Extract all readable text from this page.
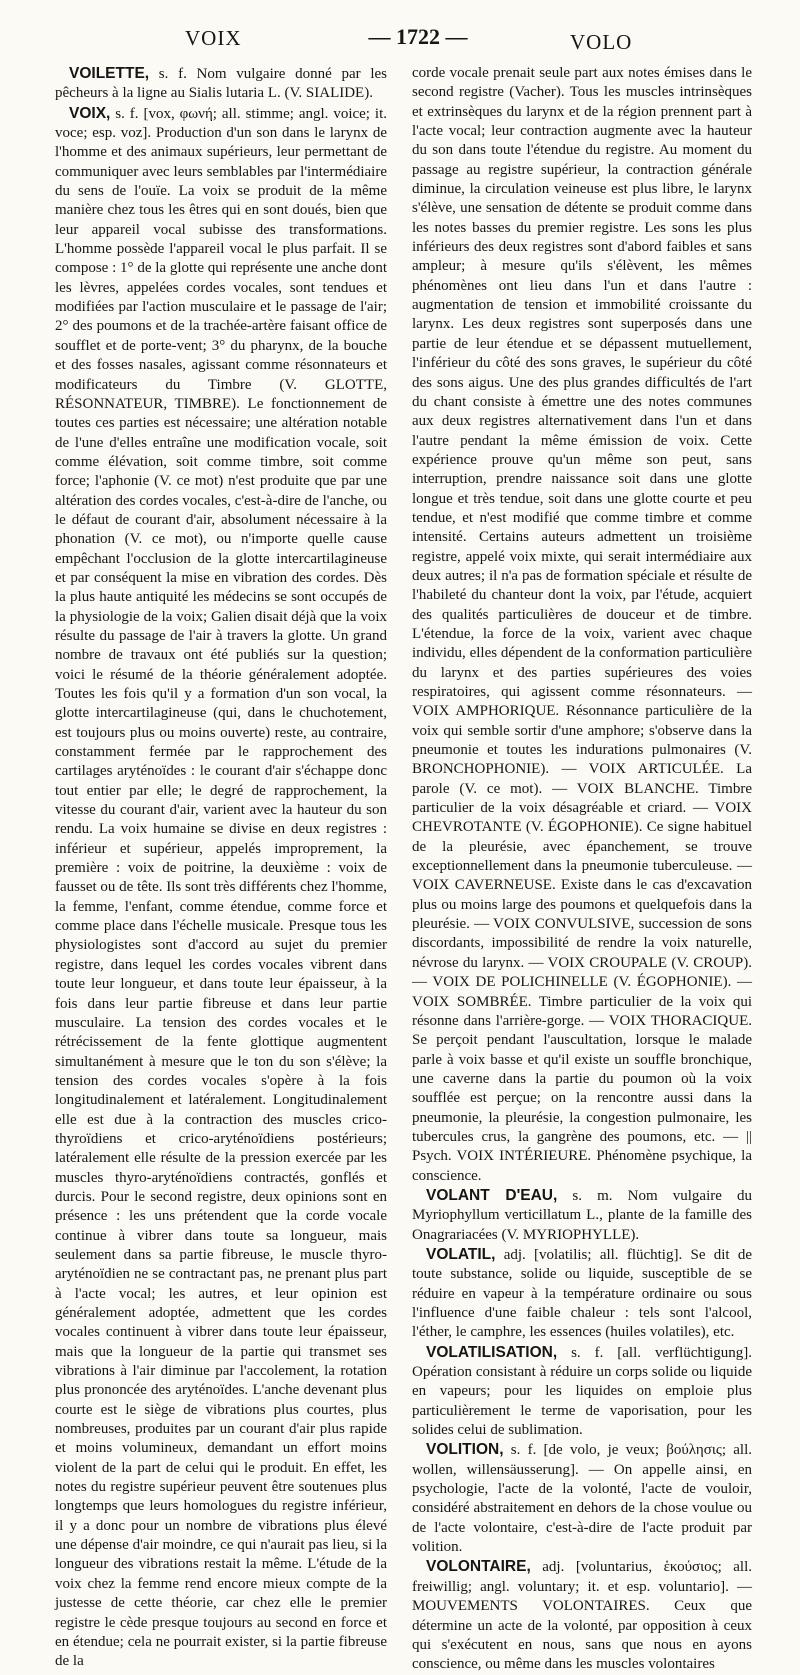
VOIX	— 1722 —	VOLO

VOILETTE, s. f. Nom vulgaire donné par les pêcheurs à la ligne au Sialis lutaria L. (V. SIALIDE).

VOIX, s. f. [vox, φωνή; all. stimme; angl. voice; it. voce; esp. voz]. Production d'un son dans le larynx de l'homme et des animaux supérieurs, leur permettant de communiquer avec leurs semblables par l'intermédiaire du sens de l'ouïe. La voix se produit de la même manière chez tous les êtres qui en sont doués, bien que leur appareil vocal subisse des transformations. L'homme possède l'appareil vocal le plus parfait. Il se compose : 1° de la glotte qui représente une anche dont les lèvres, appelées cordes vocales, sont tendues et modifiées par l'action musculaire et le passage de l'air; 2° des poumons et de la trachée-artère faisant office de soufflet et de porte-vent; 3° du pharynx, de la bouche et des fosses nasales, agissant comme résonnateurs et modificateurs du Timbre (V. GLOTTE, RÉSONNATEUR, TIMBRE). Le fonctionnement de toutes ces parties est nécessaire; une altération notable de l'une d'elles entraîne une modification vocale, soit comme élévation, soit comme timbre, soit comme force; l'aphonie (V. ce mot) n'est produite que par une altération des cordes vocales, c'est-à-dire de l'anche, ou le défaut de courant d'air, absolument nécessaire à la phonation (V. ce mot), ou n'importe quelle cause empêchant l'occlusion de la glotte intercartilagineuse et par conséquent la mise en vibration des cordes. Dès la plus haute antiquité les médecins se sont occupés de la physiologie de la voix; Galien disait déjà que la voix résulte du passage de l'air à travers la glotte. Un grand nombre de travaux ont été publiés sur la question; voici le résumé de la théorie généralement adoptée. Toutes les fois qu'il y a formation d'un son vocal, la glotte intercartilagineuse (qui, dans le chuchotement, est toujours plus ou moins ouverte) reste, au contraire, constamment fermée par le rapprochement des cartilages aryténoïdes : le courant d'air s'échappe donc tout entier par elle; le degré de rapprochement, la vitesse du courant d'air, varient avec la hauteur du son rendu. La voix humaine se divise en deux registres : inférieur et supérieur, appelés improprement, la première : voix de poitrine, la deuxième : voix de fausset ou de tête. Ils sont très différents chez l'homme, la femme, l'enfant, comme étendue, comme force et comme place dans l'échelle musicale. Presque tous les physiologistes sont d'accord au sujet du premier registre, dans lequel les cordes vocales vibrent dans toute leur longueur, et dans toute leur épaisseur, à la fois dans leur partie fibreuse et dans leur partie musculaire. La tension des cordes vocales et le rétrécissement de la fente glottique augmentent simultanément à mesure que le ton du son s'élève; la tension des cordes vocales s'opère à la fois longitudinalement et latéralement. Longitudinalement elle est due à la contraction des muscles crico-thyroïdiens et crico-aryténoïdiens postérieurs; latéralement elle résulte de la pression exercée par les muscles thyro-aryténoïdiens contractés, gonflés et durcis. Pour le second registre, deux opinions sont en présence : les uns prétendent que la corde vocale continue à vibrer dans toute sa longueur, mais seulement dans sa partie fibreuse, le muscle thyro-aryténoïdien ne se contractant pas, ne prenant plus part à l'acte vocal; les autres, et leur opinion est généralement adoptée, admettent que les cordes vocales continuent à vibrer dans toute leur épaisseur, mais que la longueur de la partie qui transmet ses vibrations à l'air diminue par l'accolement, la rotation plus prononcée des aryténoïdes. L'anche devenant plus courte est le siège de vibrations plus courtes, plus nombreuses, produites par un courant d'air plus rapide et moins volumineux, demandant un effort moins violent de la part de celui qui le produit. En effet, les notes du registre supérieur peuvent être soutenues plus longtemps que leurs homologues du registre inférieur, il y a donc pour un nombre de vibrations plus élevé une dépense d'air moindre, ce qui n'aurait pas lieu, si la longueur des vibrations restait la même. L'étude de la voix chez la femme rend encore mieux compte de la justesse de cette théorie, car chez elle le premier registre le cède presque toujours au second en force et en étendue; cela ne pourrait exister, si la partie fibreuse de la

corde vocale prenait seule part aux notes émises dans le second registre (Vacher). Tous les muscles intrinsèques et extrinsèques du larynx et de la région prennent part à l'acte vocal; leur contraction augmente avec la hauteur du son dans toute l'étendue du registre. Au moment du passage au registre supérieur, la contraction générale diminue, la circulation veineuse est plus libre, le larynx s'élève, une sensation de détente se produit comme dans les notes basses du premier registre. Les sons les plus inférieurs des deux registres sont d'abord faibles et sans ampleur; à mesure qu'ils s'élèvent, les mêmes phénomènes ont lieu dans l'un et dans l'autre : augmentation de tension et immobilité croissante du larynx. Les deux registres sont superposés dans une partie de leur étendue et se dépassent mutuellement, l'inférieur du côté des sons graves, le supérieur du côté des sons aigus. Une des plus grandes difficultés de l'art du chant consiste à émettre une des notes communes aux deux registres alternativement dans l'un et dans l'autre pendant la même émission de voix. Cette expérience prouve qu'un même son peut, sans interruption, prendre naissance soit dans une glotte longue et très tendue, soit dans une glotte courte et peu tendue, et n'est modifié que comme timbre et comme intensité. Certains auteurs admettent un troisième registre, appelé voix mixte, qui serait intermédiaire aux deux autres; il n'a pas de formation spéciale et résulte de l'habileté du chanteur dont la voix, par l'étude, acquiert des qualités particulières de douceur et de timbre. L'étendue, la force de la voix, varient avec chaque individu, elles dépendent de la conformation particulière du larynx et des parties supérieures des voies respiratoires, qui agissent comme résonnateurs. — VOIX AMPHORIQUE. Résonnance particulière de la voix qui semble sortir d'une amphore; s'observe dans la pneumonie et toutes les indurations pulmonaires (V. BRONCHOPHONIE). — VOIX ARTICULÉE. La parole (V. ce mot). — VOIX BLANCHE. Timbre particulier de la voix désagréable et criard. — VOIX CHEVROTANTE (V. ÉGOPHONIE). Ce signe habituel de la pleurésie, avec épanchement, se trouve exceptionnellement dans la pneumonie tuberculeuse. — VOIX CAVERNEUSE. Existe dans le cas d'excavation plus ou moins large des poumons et quelquefois dans la pleurésie. — VOIX CONVULSIVE, succession de sons discordants, impossibilité de rendre la voix naturelle, névrose du larynx. — VOIX CROUPALE (V. CROUP). — VOIX DE POLICHINELLE (V. ÉGOPHONIE). — VOIX SOMBRÉE. Timbre particulier de la voix qui résonne dans l'arrière-gorge. — VOIX THORACIQUE. Se perçoit pendant l'auscultation, lorsque le malade parle à voix basse et qu'il existe un souffle bronchique, une caverne dans la partie du poumon où la voix soufflée est perçue; on la rencontre aussi dans la pneumonie, la pleurésie, la congestion pulmonaire, les tubercules crus, la gangrène des poumons, etc. — || Psych. VOIX INTÉRIEURE. Phénomène psychique, la conscience.

VOLANT D'EAU, s. m. Nom vulgaire du Myriophyllum verticillatum L., plante de la famille des Onagrariacées (V. MYRIOPHYLLE).

VOLATIL, adj. [volatilis; all. flüchtig]. Se dit de toute substance, solide ou liquide, susceptible de se réduire en vapeur à la température ordinaire ou sous l'influence d'une faible chaleur : tels sont l'alcool, l'éther, le camphre, les essences (huiles volatiles), etc.

VOLATILISATION, s. f. [all. verflüchtigung]. Opération consistant à réduire un corps solide ou liquide en vapeurs; pour les liquides on emploie plus particulièrement le terme de vaporisation, pour les solides celui de sublimation.

VOLITION, s. f. [de volo, je veux; βούλησις; all. wollen, willensäusserung]. — On appelle ainsi, en psychologie, l'acte de la volonté, l'acte de vouloir, considéré abstraitement en dehors de la chose voulue ou de l'acte volontaire, c'est-à-dire de l'acte produit par volition.

VOLONTAIRE, adj. [voluntarius, ἑκούσιος; all. freiwillig; angl. voluntary; it. et esp. voluntario]. — MOUVEMENTS VOLONTAIRES. Ceux que détermine un acte de la volonté, par opposition à ceux qui s'exécutent en nous, sans que nous en ayons conscience, ou même dans les muscles volontaires
